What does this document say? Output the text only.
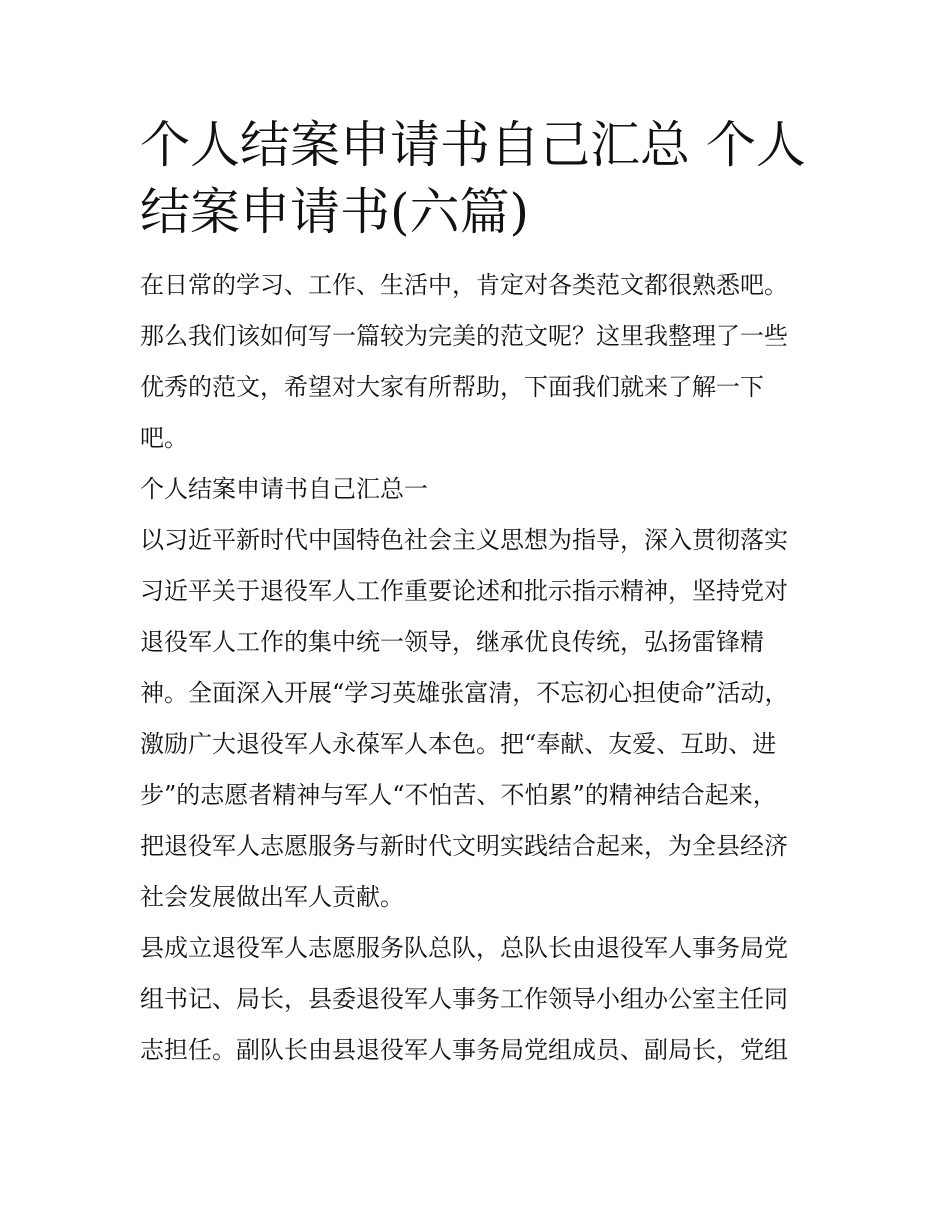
个人结案申请书自己汇总 个人
结案申请书(六篇)
在日常的学习、工作、生活中，肯定对各类范文都很熟悉吧。
那么我们该如何写一篇较为完美的范文呢？这里我整理了一些
优秀的范文，希望对大家有所帮助，下面我们就来了解一下
吧。
个人结案申请书自己汇总一
以习近平新时代中国特色社会主义思想为指导，深入贯彻落实
习近平关于退役军人工作重要论述和批示指示精神，坚持党对
退役军人工作的集中统一领导，继承优良传统，弘扬雷锋精
神。全面深入开展“学习英雄张富清，不忘初心担使命”活动，
激励广大退役军人永葆军人本色。把“奉献、友爱、互助、进
步”的志愿者精神与军人“不怕苦、不怕累”的精神结合起来，
把退役军人志愿服务与新时代文明实践结合起来，为全县经济
社会发展做出军人贡献。
县成立退役军人志愿服务队总队，总队长由退役军人事务局党
组书记、局长，县委退役军人事务工作领导小组办公室主任同
志担任。副队长由县退役军人事务局党组成员、副局长，党组
